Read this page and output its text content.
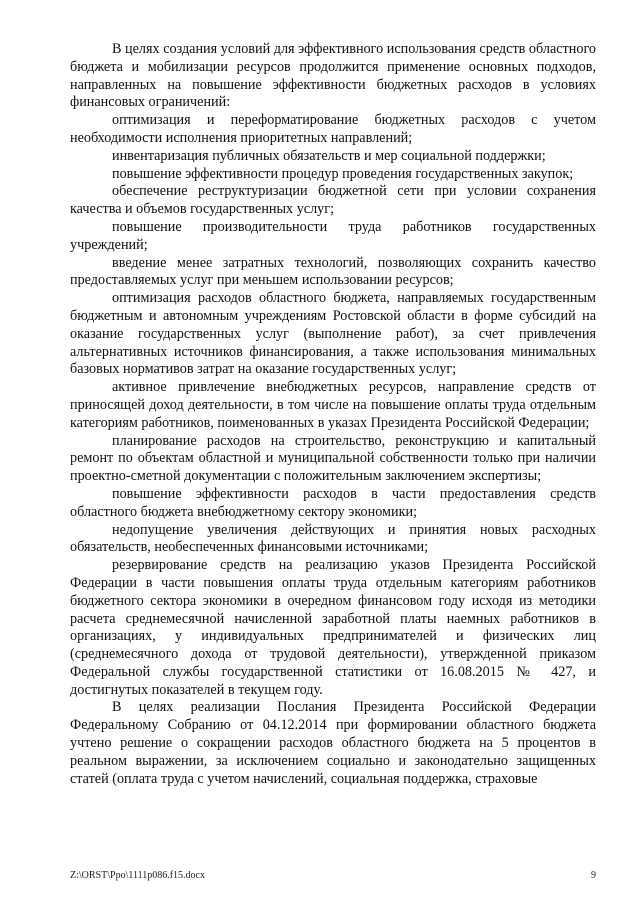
В целях создания условий для эффективного использования средств областного бюджета и мобилизации ресурсов продолжится применение основных подходов, направленных на повышение эффективности бюджетных расходов в условиях финансовых ограничений:

оптимизация и переформатирование бюджетных расходов с учетом необходимости исполнения приоритетных направлений;

инвентаризация публичных обязательств и мер социальной поддержки;

повышение эффективности процедур проведения государственных закупок;

обеспечение реструктуризации бюджетной сети при условии сохранения качества и объемов государственных услуг;

повышение производительности труда работников государственных учреждений;

введение менее затратных технологий, позволяющих сохранить качество предоставляемых услуг при меньшем использовании ресурсов;

оптимизация расходов областного бюджета, направляемых государственным бюджетным и автономным учреждениям Ростовской области в форме субсидий на оказание государственных услуг (выполнение работ), за счет привлечения альтернативных источников финансирования, а также использования минимальных базовых нормативов затрат на оказание государственных услуг;

активное привлечение внебюджетных ресурсов, направление средств от приносящей доход деятельности, в том числе на повышение оплаты труда отдельным категориям работников, поименованных в указах Президента Российской Федерации;

планирование расходов на строительство, реконструкцию и капитальный ремонт по объектам областной и муниципальной собственности только при наличии проектно-сметной документации с положительным заключением экспертизы;

повышение эффективности расходов в части предоставления средств областного бюджета внебюджетному сектору экономики;

недопущение увеличения действующих и принятия новых расходных обязательств, необеспеченных финансовыми источниками;

резервирование средств на реализацию указов Президента Российской Федерации в части повышения оплаты труда отдельным категориям работников бюджетного сектора экономики в очередном финансовом году исходя из методики расчета среднемесячной начисленной заработной платы наемных работников в организациях, у индивидуальных предпринимателей и физических лиц (среднемесячного дохода от трудовой деятельности), утвержденной приказом Федеральной службы государственной статистики от 16.08.2015 № 427, и достигнутых показателей в текущем году.

В целях реализации Послания Президента Российской Федерации Федеральному Собранию от 04.12.2014 при формировании областного бюджета учтено решение о сокращении расходов областного бюджета на 5 процентов в реальном выражении, за исключением социально и законодательно защищенных статей (оплата труда с учетом начислений, социальная поддержка, страховые

Z:\ORST\Ppo\1111p086.f15.docx	9
